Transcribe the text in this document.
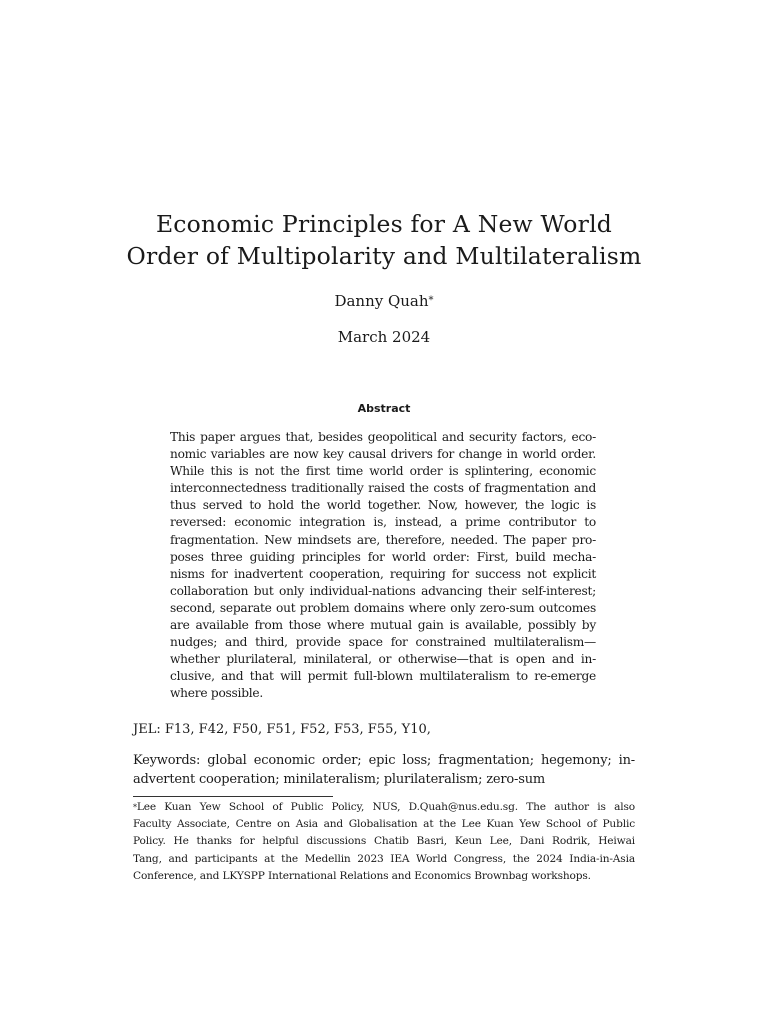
Economic Principles for A New World
Order of Multipolarity and Multilateralism
Danny Quah*
March 2024
Abstract
This paper argues that, besides geopolitical and security factors, eco-
nomic variables are now key causal drivers for change in world order.
While this is not the first time world order is splintering, economic
interconnectedness traditionally raised the costs of fragmentation and
thus served to hold the world together. Now, however, the logic is
reversed: economic integration is, instead, a prime contributor to
fragmentation. New mindsets are, therefore, needed. The paper pro-
poses three guiding principles for world order: First, build mecha-
nisms for inadvertent cooperation, requiring for success not explicit
collaboration but only individual-nations advancing their self-interest;
second, separate out problem domains where only zero-sum outcomes
are available from those where mutual gain is available, possibly by
nudges; and third, provide space for constrained multilateralism—
whether plurilateral, minilateral, or otherwise—that is open and in-
clusive, and that will permit full-blown multilateralism to re-emerge
where possible.
JEL: F13, F42, F50, F51, F52, F53, F55, Y10,
Keywords: global economic order; epic loss; fragmentation; hegemony; in-
advertent cooperation; minilateralism; plurilateralism; zero-sum
*Lee Kuan Yew School of Public Policy, NUS, D.Quah@nus.edu.sg. The author is also
Faculty Associate, Centre on Asia and Globalisation at the Lee Kuan Yew School of Public
Policy. He thanks for helpful discussions Chatib Basri, Keun Lee, Dani Rodrik, Heiwai
Tang, and participants at the Medellin 2023 IEA World Congress, the 2024 India-in-Asia
Conference, and LKYSPP International Relations and Economics Brownbag workshops.
